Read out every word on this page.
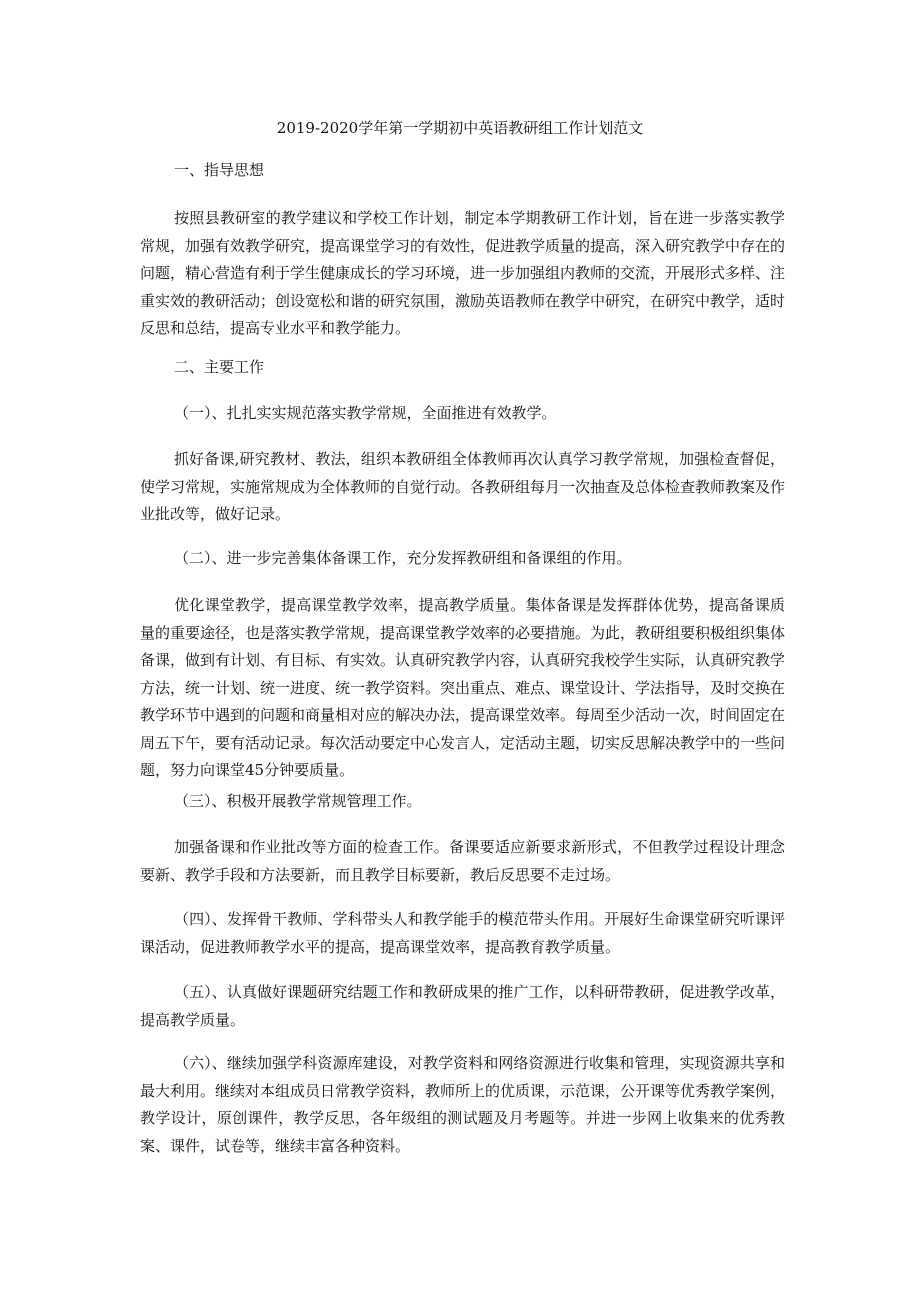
2019-2020学年第一学期初中英语教研组工作计划范文

一、指导思想

按照县教研室的教学建议和学校工作计划，制定本学期教研工作计划，旨在进一步落实教学常规，加强有效教学研究，提高课堂学习的有效性，促进教学质量的提高，深入研究教学中存在的问题，精心营造有利于学生健康成长的学习环境，进一步加强组内教师的交流，开展形式多样、注重实效的教研活动；创设宽松和谐的研究氛围，激励英语教师在教学中研究，在研究中教学，适时反思和总结，提高专业水平和教学能力。

二、主要工作

（一）、扎扎实实规范落实教学常规，全面推进有效教学。

抓好备课,研究教材、教法，组织本教研组全体教师再次认真学习教学常规，加强检查督促，使学习常规，实施常规成为全体教师的自觉行动。各教研组每月一次抽查及总体检查教师教案及作业批改等，做好记录。

（二）、进一步完善集体备课工作，充分发挥教研组和备课组的作用。

优化课堂教学，提高课堂教学效率，提高教学质量。集体备课是发挥群体优势，提高备课质量的重要途径，也是落实教学常规，提高课堂教学效率的必要措施。为此，教研组要积极组织集体备课，做到有计划、有目标、有实效。认真研究教学内容，认真研究我校学生实际，认真研究教学方法，统一计划、统一进度、统一教学资料。突出重点、难点、课堂设计、学法指导，及时交换在教学环节中遇到的问题和商量相对应的解决办法，提高课堂效率。每周至少活动一次，时间固定在周五下午，要有活动记录。每次活动要定中心发言人，定活动主题，切实反思解决教学中的一些问题，努力向课堂45分钟要质量。

（三）、积极开展教学常规管理工作。

加强备课和作业批改等方面的检查工作。备课要适应新要求新形式，不但教学过程设计理念要新、教学手段和方法要新，而且教学目标要新，教后反思要不走过场。

（四）、发挥骨干教师、学科带头人和教学能手的模范带头作用。开展好生命课堂研究听课评课活动，促进教师教学水平的提高，提高课堂效率，提高教育教学质量。

（五）、认真做好课题研究结题工作和教研成果的推广工作，以科研带教研，促进教学改革，提高教学质量。

（六）、继续加强学科资源库建设，对教学资料和网络资源进行收集和管理，实现资源共享和最大利用。继续对本组成员日常教学资料，教师所上的优质课，示范课，公开课等优秀教学案例，教学设计，原创课件，教学反思，各年级组的测试题及月考题等。并进一步网上收集来的优秀教案、课件，试卷等，继续丰富各种资料。
